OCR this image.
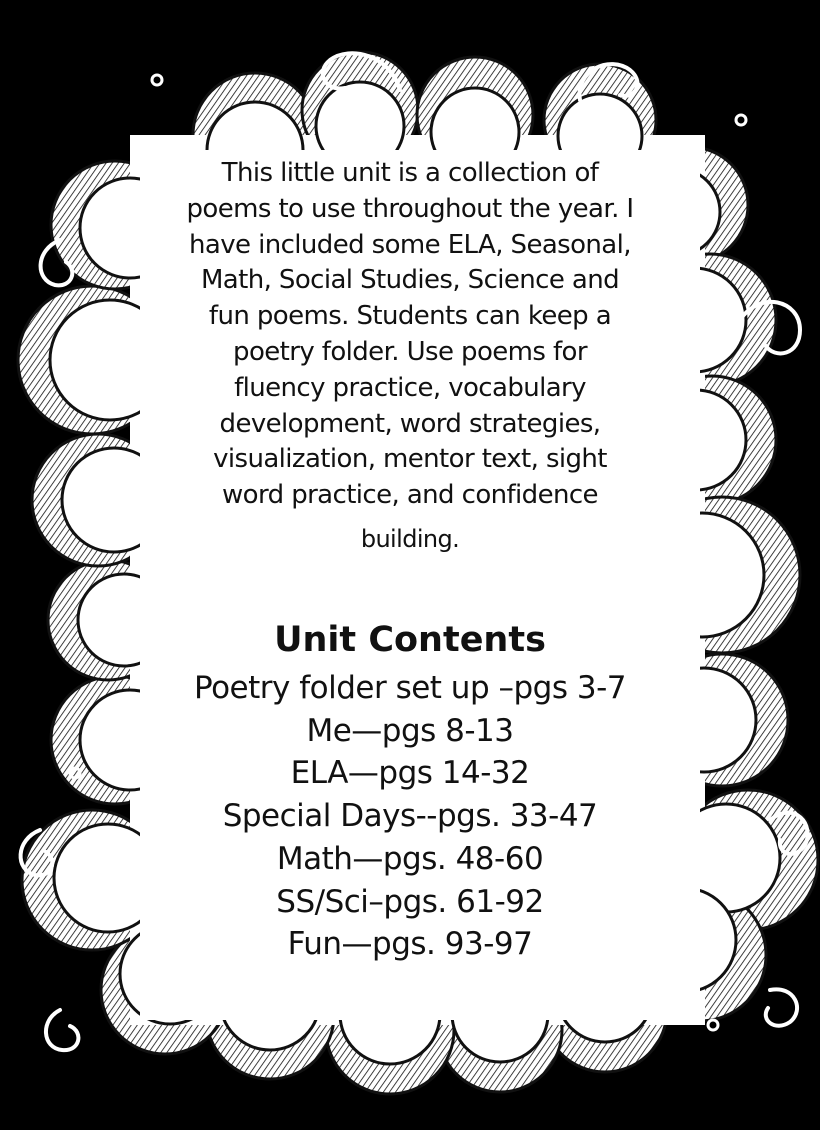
This little unit is a collection of
poems to use throughout the year. I
have included some ELA, Seasonal,
Math, Social Studies, Science and
fun poems. Students can keep a
poetry folder. Use poems for
fluency practice, vocabulary
development, word strategies,
visualization, mentor text, sight
word practice, and confidence
building.
Unit Contents
Poetry folder set up –pgs 3-7
Me—pgs 8-13
ELA—pgs 14-32
Special Days--pgs. 33-47
Math—pgs. 48-60
SS/Sci–pgs. 61-92
Fun—pgs. 93-97
